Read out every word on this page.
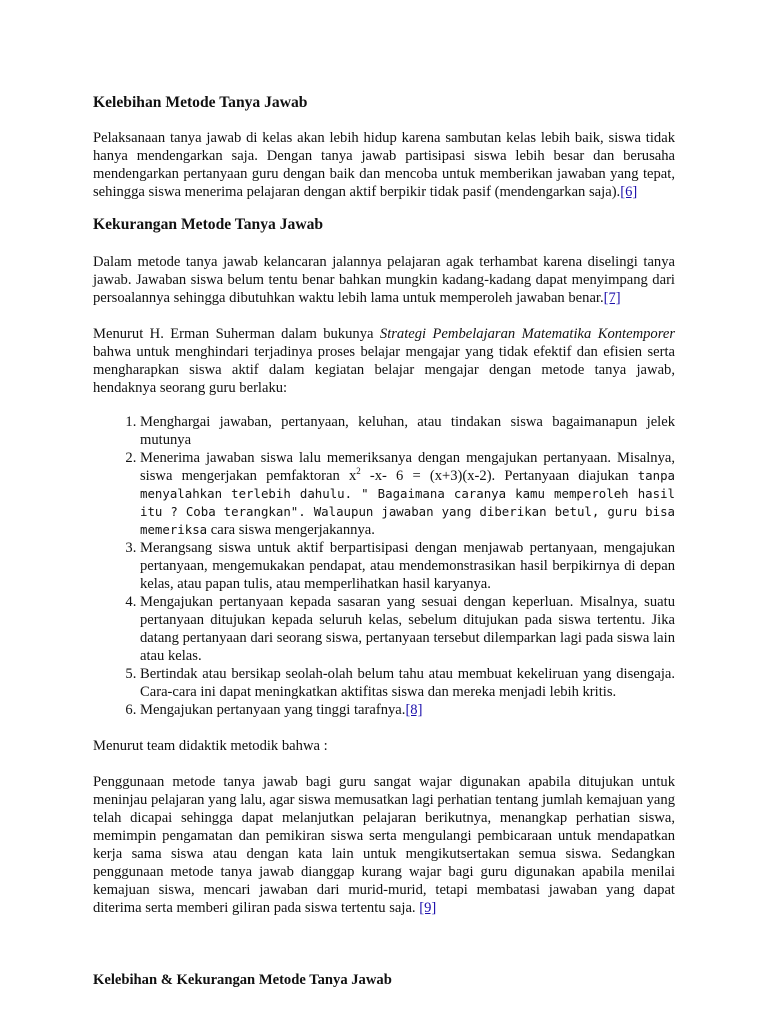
Kelebihan Metode Tanya Jawab

Pelaksanaan tanya jawab di kelas akan lebih hidup karena sambutan kelas lebih baik, siswa tidak hanya mendengarkan saja. Dengan tanya jawab partisipasi siswa lebih besar dan berusaha mendengarkan pertanyaan guru dengan baik dan mencoba untuk memberikan jawaban yang tepat, sehingga siswa menerima pelajaran dengan aktif berpikir tidak pasif (mendengarkan saja).[6]

Kekurangan Metode Tanya Jawab

Dalam metode tanya jawab kelancaran jalannya pelajaran agak terhambat karena diselingi tanya jawab. Jawaban siswa belum tentu benar bahkan mungkin kadang-kadang dapat menyimpang dari persoalannya sehingga dibutuhkan waktu lebih lama untuk memperoleh jawaban benar.[7]

Menurut H. Erman Suherman dalam bukunya Strategi Pembelajaran Matematika Kontemporer bahwa untuk menghindari terjadinya proses belajar mengajar yang tidak efektif dan efisien serta mengharapkan siswa aktif dalam kegiatan belajar mengajar dengan metode tanya jawab, hendaknya seorang guru berlaku:

1. Menghargai jawaban, pertanyaan, keluhan, atau tindakan siswa bagaimanapun jelek mutunya
2. Menerima jawaban siswa lalu memeriksanya dengan mengajukan pertanyaan. Misalnya, siswa mengerjakan pemfaktoran $x^2$ -x- 6 = (x+3)(x-2). Pertanyaan diajukan tanpa menyalahkan terlebih dahulu. " Bagaimana caranya kamu memperoleh hasil itu ? Coba terangkan". Walaupun jawaban yang diberikan betul, guru bisa memeriksa cara siswa mengerjakannya.
3. Merangsang siswa untuk aktif berpartisipasi dengan menjawab pertanyaan, mengajukan pertanyaan, mengemukakan pendapat, atau mendemonstrasikan hasil berpikirnya di depan kelas, atau papan tulis, atau memperlihatkan hasil karyanya.
4. Mengajukan pertanyaan kepada sasaran yang sesuai dengan keperluan. Misalnya, suatu pertanyaan ditujukan kepada seluruh kelas, sebelum ditujukan pada siswa tertentu. Jika datang pertanyaan dari seorang siswa, pertanyaan tersebut dilemparkan lagi pada siswa lain atau kelas.
5. Bertindak atau bersikap seolah-olah belum tahu atau membuat kekeliruan yang disengaja. Cara-cara ini dapat meningkatkan aktifitas siswa dan mereka menjadi lebih kritis.
6. Mengajukan pertanyaan yang tinggi tarafnya.[8]

Menurut team didaktik metodik bahwa :

Penggunaan metode tanya jawab bagi guru sangat wajar digunakan apabila ditujukan untuk meninjau pelajaran yang lalu, agar siswa memusatkan lagi perhatian tentang jumlah kemajuan yang telah dicapai sehingga dapat melanjutkan pelajaran berikutnya, menangkap perhatian siswa, memimpin pengamatan dan pemikiran siswa serta mengulangi pembicaraan untuk mendapatkan kerja sama siswa atau dengan kata lain untuk mengikutsertakan semua siswa. Sedangkan penggunaan metode tanya jawab dianggap kurang wajar bagi guru digunakan apabila menilai kemajuan siswa, mencari jawaban dari murid-murid, tetapi membatasi jawaban yang dapat diterima serta memberi giliran pada siswa tertentu saja. [9]

Kelebihan & Kekurangan Metode Tanya Jawab
